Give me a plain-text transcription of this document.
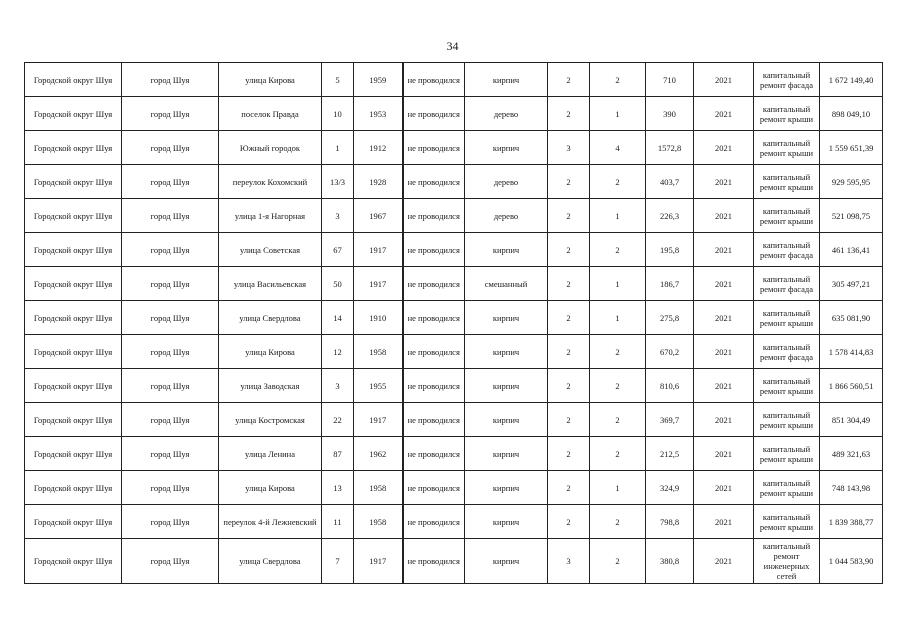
34
Городской округ Шуя	город Шуя	улица Кирова	5	1959	не проводился	кирпич	2	2	710	2021	капитальный ремонт фасада	1 672 149,40
Городской округ Шуя	город Шуя	поселок Правда	10	1953	не проводился	дерево	2	1	390	2021	капитальный ремонт крыши	898 049,10
Городской округ Шуя	город Шуя	Южный городок	1	1912	не проводился	кирпич	3	4	1572,8	2021	капитальный ремонт крыши	1 559 651,39
Городской округ Шуя	город Шуя	переулок Кохомский	13/3	1928	не проводился	дерево	2	2	403,7	2021	капитальный ремонт крыши	929 595,95
Городской округ Шуя	город Шуя	улица 1-я Нагорная	3	1967	не проводился	дерево	2	1	226,3	2021	капитальный ремонт крыши	521 098,75
Городской округ Шуя	город Шуя	улица Советская	67	1917	не проводился	кирпич	2	2	195,8	2021	капитальный ремонт фасада	461 136,41
Городской округ Шуя	город Шуя	улица Васильевская	50	1917	не проводился	смешанный	2	1	186,7	2021	капитальный ремонт фасада	305 497,21
Городской округ Шуя	город Шуя	улица Свердлова	14	1910	не проводился	кирпич	2	1	275,8	2021	капитальный ремонт крыши	635 081,90
Городской округ Шуя	город Шуя	улица Кирова	12	1958	не проводился	кирпич	2	2	670,2	2021	капитальный ремонт фасада	1 578 414,83
Городской округ Шуя	город Шуя	улица Заводская	3	1955	не проводился	кирпич	2	2	810,6	2021	капитальный ремонт крыши	1 866 560,51
Городской округ Шуя	город Шуя	улица Костромская	22	1917	не проводился	кирпич	2	2	369,7	2021	капитальный ремонт крыши	851 304,49
Городской округ Шуя	город Шуя	улица Ленина	87	1962	не проводился	кирпич	2	2	212,5	2021	капитальный ремонт крыши	489 321,63
Городской округ Шуя	город Шуя	улица Кирова	13	1958	не проводился	кирпич	2	1	324,9	2021	капитальный ремонт крыши	748 143,98
Городской округ Шуя	город Шуя	переулок 4-й Лежневский	11	1958	не проводился	кирпич	2	2	798,8	2021	капитальный ремонт крыши	1 839 388,77
Городской округ Шуя	город Шуя	улица Свердлова	7	1917	не проводился	кирпич	3	2	380,8	2021	капитальный ремонт инженерных сетей	1 044 583,90
